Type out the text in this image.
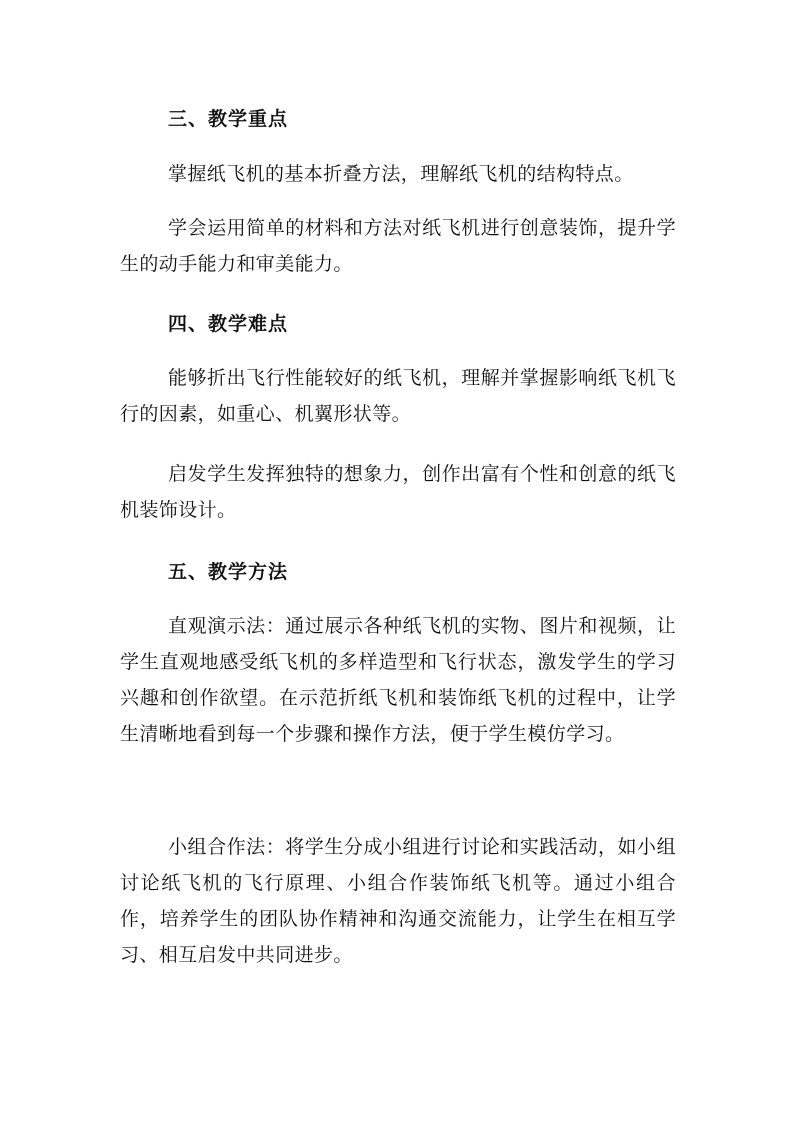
三、教学重点
掌握纸飞机的基本折叠方法，理解纸飞机的结构特点。
学会运用简单的材料和方法对纸飞机进行创意装饰，提升学生的动手能力和审美能力。
四、教学难点
能够折出飞行性能较好的纸飞机，理解并掌握影响纸飞机飞行的因素，如重心、机翼形状等。
启发学生发挥独特的想象力，创作出富有个性和创意的纸飞机装饰设计。
五、教学方法
直观演示法：通过展示各种纸飞机的实物、图片和视频，让学生直观地感受纸飞机的多样造型和飞行状态，激发学生的学习兴趣和创作欲望。在示范折纸飞机和装饰纸飞机的过程中，让学生清晰地看到每一个步骤和操作方法，便于学生模仿学习。
小组合作法：将学生分成小组进行讨论和实践活动，如小组讨论纸飞机的飞行原理、小组合作装饰纸飞机等。通过小组合作，培养学生的团队协作精神和沟通交流能力，让学生在相互学习、相互启发中共同进步。
